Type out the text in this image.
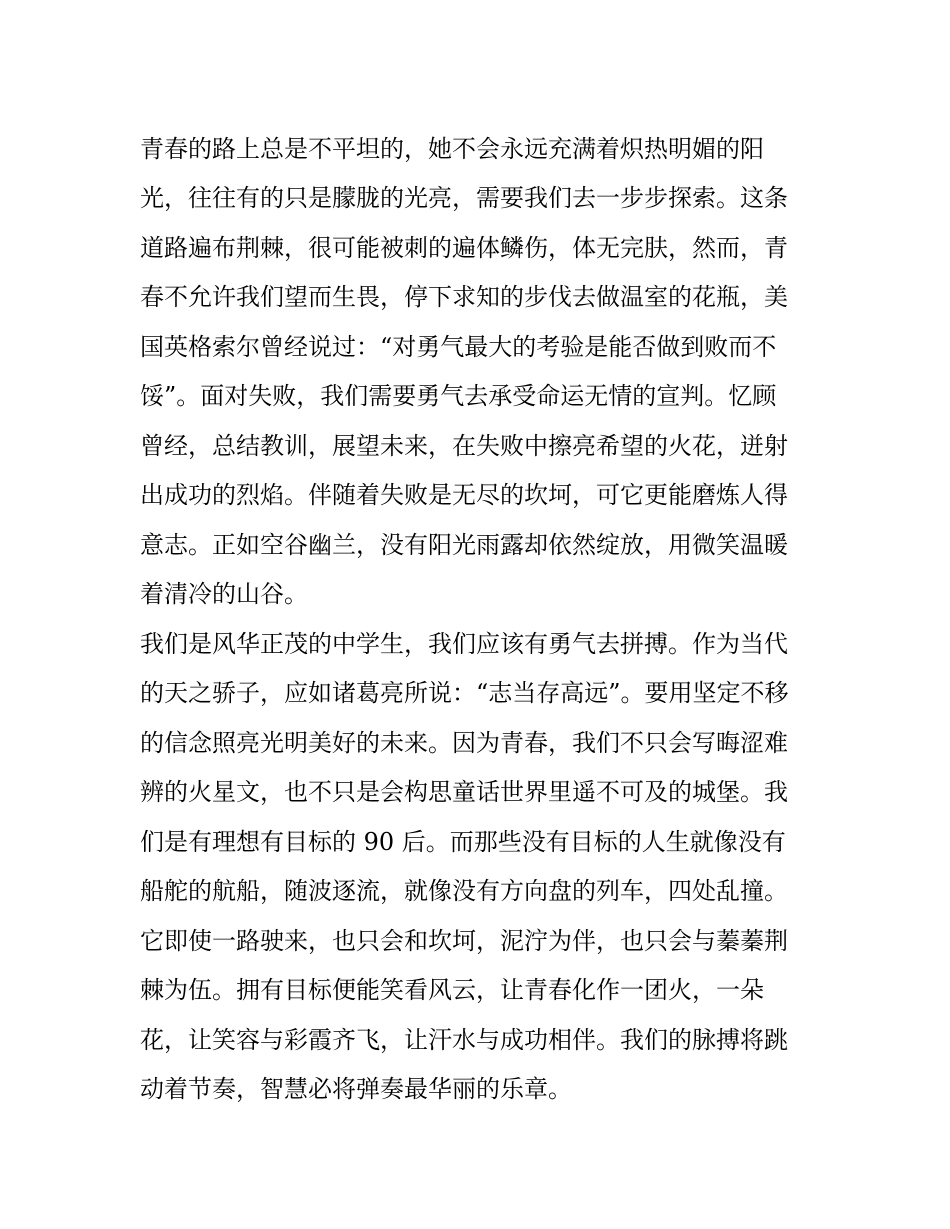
青春的路上总是不平坦的，她不会永远充满着炽热明媚的阳
光，往往有的只是朦胧的光亮，需要我们去一步步探索。这条
道路遍布荆棘，很可能被刺的遍体鳞伤，体无完肤，然而，青
春不允许我们望而生畏，停下求知的步伐去做温室的花瓶，美
国英格索尔曾经说过：“对勇气最大的考验是能否做到败而不
馁”。面对失败，我们需要勇气去承受命运无情的宣判。忆顾
曾经，总结教训，展望未来，在失败中擦亮希望的火花，迸射
出成功的烈焰。伴随着失败是无尽的坎坷，可它更能磨炼人得
意志。正如空谷幽兰，没有阳光雨露却依然绽放，用微笑温暖
着清冷的山谷。
我们是风华正茂的中学生，我们应该有勇气去拼搏。作为当代
的天之骄子，应如诸葛亮所说：“志当存高远”。要用坚定不移
的信念照亮光明美好的未来。因为青春，我们不只会写晦涩难
辨的火星文，也不只是会构思童话世界里遥不可及的城堡。我
们是有理想有目标的 90 后。而那些没有目标的人生就像没有
船舵的航船，随波逐流，就像没有方向盘的列车，四处乱撞。
它即使一路驶来，也只会和坎坷，泥泞为伴，也只会与蓁蓁荆
棘为伍。拥有目标便能笑看风云，让青春化作一团火，一朵
花，让笑容与彩霞齐飞，让汗水与成功相伴。我们的脉搏将跳
动着节奏，智慧必将弹奏最华丽的乐章。
